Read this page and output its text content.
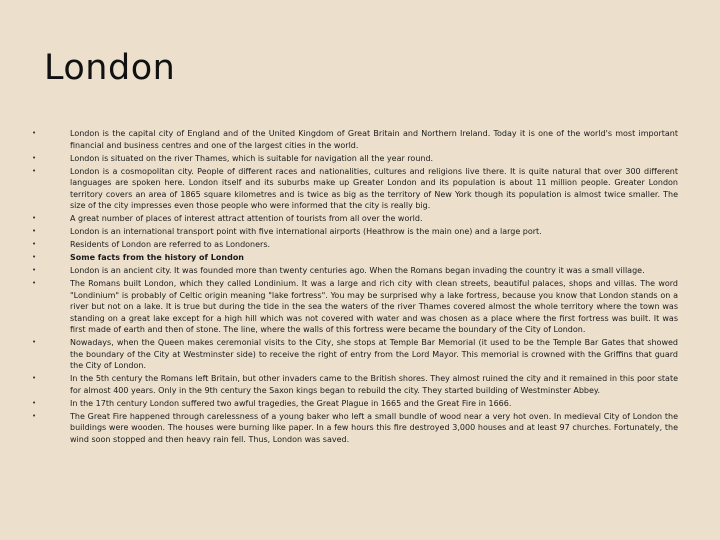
London
•	London is the capital city of England and of the United Kingdom of Great Britain and Northern Ireland. Today it is one of the world's most important financial and business centres and one of the largest cities in the world.
•	London is situated on the river Thames, which is suitable for navigation all the year round.
•	London is a cosmopolitan city. People of different races and nationalities, cultures and religions live there. It is quite natural that over 300 different languages are spoken here. London itself and its suburbs make up Greater London and its population is about 11 million people. Greater London territory covers an area of 1865 square kilometres and is twice as big as the territory of New York though its population is almost twice smaller. The size of the city impresses even those people who were informed that the city is really big.
•	A great number of places of interest attract attention of tourists from all over the world.
•	London is an international transport point with five international airports (Heathrow is the main one) and a large port.
•	Residents of London are referred to as Londoners.
•	Some facts from the history of London
•	London is an ancient city. It was founded more than twenty centuries ago. When the Romans began invading the country it was a small village.
•	The Romans built London, which they called Londinium. It was a large and rich city with clean streets, beautiful palaces, shops and villas. The word "Londinium" is probably of Celtic origin meaning "lake fortress". You may be surprised why a lake fortress, because you know that London stands on a river but not on a lake. It is true but during the tide in the sea the waters of the river Thames covered almost the whole territory where the town was standing on a great lake except for a high hill which was not covered with water and was chosen as a place where the first fortress was built. It was first made of earth and then of stone. The line, where the walls of this fortress were became the boundary of the City of London.
•	Nowadays, when the Queen makes ceremonial visits to the City, she stops at Temple Bar Memorial (it used to be the Temple Bar Gates that showed the boundary of the City at Westminster side) to receive the right of entry from the Lord Mayor. This memorial is crowned with the Griffins that guard the City of London.
•	In the 5th century the Romans left Britain, but other invaders came to the British shores. They almost ruined the city and it remained in this poor state for almost 400 years. Only in the 9th century the Saxon kings began to rebuild the city. They started building of Westminster Abbey.
•	In the 17th century London suffered two awful tragedies, the Great Plague in 1665 and the Great Fire in 1666.
•	The Great Fire happened through carelessness of a young baker who left a small bundle of wood near a very hot oven. In medieval City of London the buildings were wooden. The houses were burning like paper. In a few hours this fire destroyed 3,000 houses and at least 97 churches. Fortunately, the wind soon stopped and then heavy rain fell. Thus, London was saved.
